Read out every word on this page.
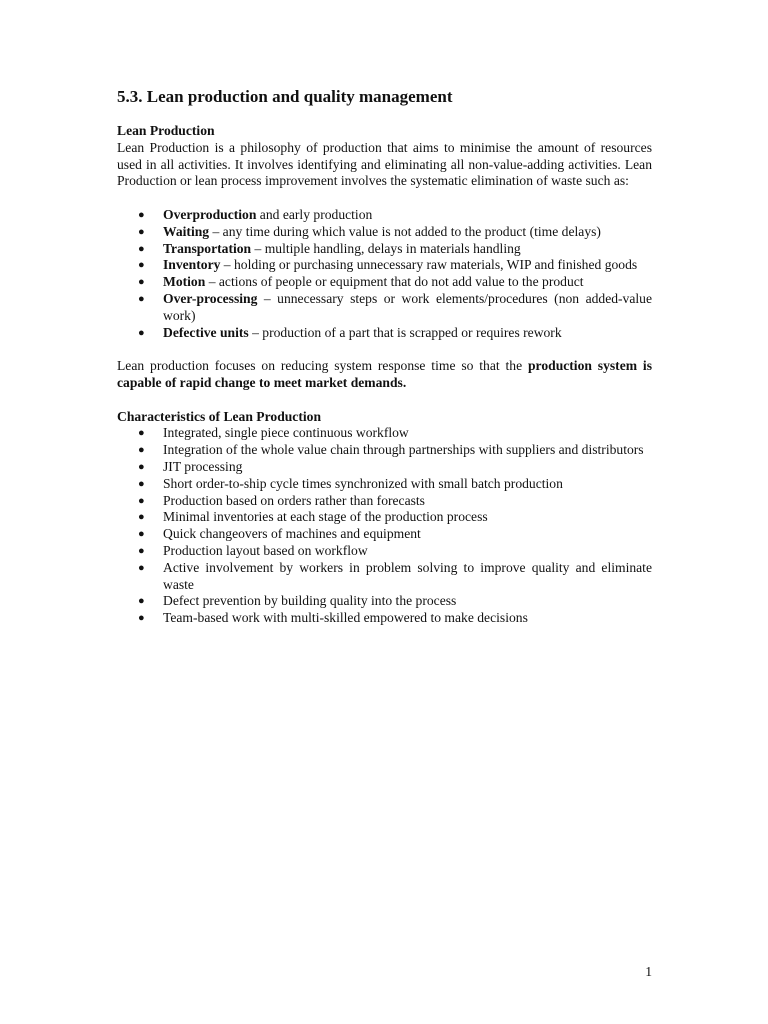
5.3. Lean production and quality management
Lean Production

Lean Production is a philosophy of production that aims to minimise the amount of resources used in all activities. It involves identifying and eliminating all non-value-adding activities. Lean Production or lean process improvement involves the systematic elimination of waste such as:

● Overproduction and early production
● Waiting – any time during which value is not added to the product (time delays)
● Transportation – multiple handling, delays in materials handling
● Inventory – holding or purchasing unnecessary raw materials, WIP and finished goods
● Motion – actions of people or equipment that do not add value to the product
● Over-processing – unnecessary steps or work elements/procedures (non added-value work)
● Defective units – production of a part that is scrapped or requires rework

Lean production focuses on reducing system response time so that the production system is capable of rapid change to meet market demands.

Characteristics of Lean Production
● Integrated, single piece continuous workflow
● Integration of the whole value chain through partnerships with suppliers and distributors
● JIT processing
● Short order-to-ship cycle times synchronized with small batch production
● Production based on orders rather than forecasts
● Minimal inventories at each stage of the production process
● Quick changeovers of machines and equipment
● Production layout based on workflow
● Active involvement by workers in problem solving to improve quality and eliminate waste
● Defect prevention by building quality into the process
● Team-based work with multi-skilled empowered to make decisions
1
